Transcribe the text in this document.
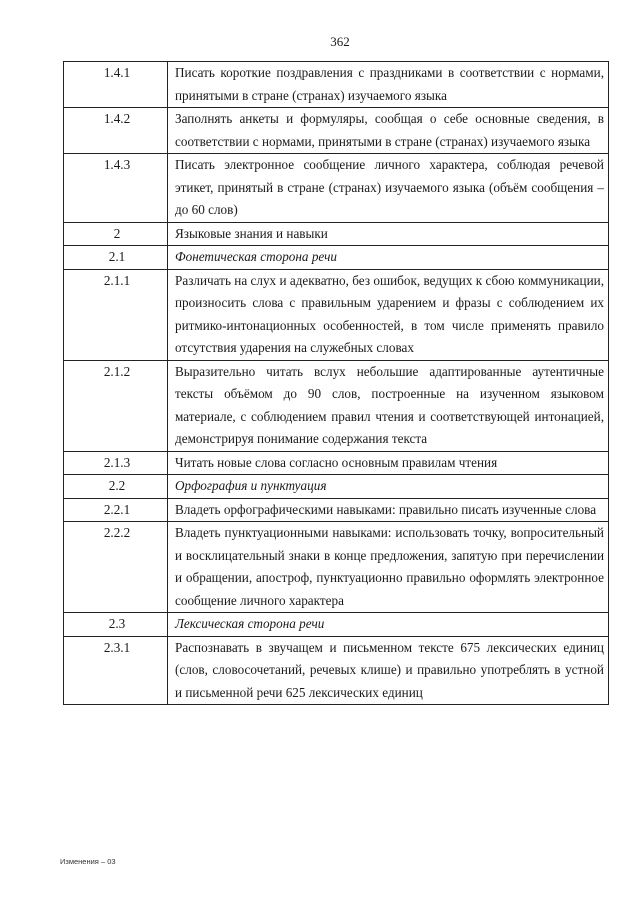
362
1.4.1	Писать короткие поздравления с праздниками в соответствии с нормами, принятыми в стране (странах) изучаемого языка
1.4.2	Заполнять анкеты и формуляры, сообщая о себе основные сведения, в соответствии с нормами, принятыми в стране (странах) изучаемого языка
1.4.3	Писать электронное сообщение личного характера, соблюдая речевой этикет, принятый в стране (странах) изучаемого языка (объём сообщения – до 60 слов)
2	Языковые знания и навыки
2.1	Фонетическая сторона речи
2.1.1	Различать на слух и адекватно, без ошибок, ведущих к сбою коммуникации, произносить слова с правильным ударением и фразы с соблюдением их ритмико-интонационных особенностей, в том числе применять правило отсутствия ударения на служебных словах
2.1.2	Выразительно читать вслух небольшие адаптированные аутентичные тексты объёмом до 90 слов, построенные на изученном языковом материале, с соблюдением правил чтения и соответствующей интонацией, демонстрируя понимание содержания текста
2.1.3	Читать новые слова согласно основным правилам чтения
2.2	Орфография и пунктуация
2.2.1	Владеть орфографическими навыками: правильно писать изученные слова
2.2.2	Владеть пунктуационными навыками: использовать точку, вопросительный и восклицательный знаки в конце предложения, запятую при перечислении и обращении, апостроф, пунктуационно правильно оформлять электронное сообщение личного характера
2.3	Лексическая сторона речи
2.3.1	Распознавать в звучащем и письменном тексте 675 лексических единиц (слов, словосочетаний, речевых клише) и правильно употреблять в устной и письменной речи 625 лексических единиц
Изменения – 03
